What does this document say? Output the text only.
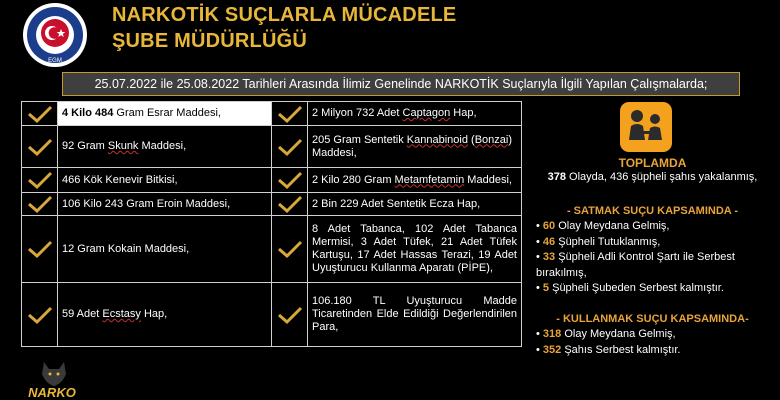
EGM
NARKOTİK SUÇLARLA MÜCADELE
ŞUBE MÜDÜRLÜĞÜ
25.07.2022 ile 25.08.2022 Tarihleri Arasında İlimiz Genelinde NARKOTİK Suçlarıyla İlgili Yapılan Çalışmalarda;
	4 Kilo 484 Gram Esrar Maddesi,		2 Milyon 732 Adet Captagon Hap,

	92 Gram Skunk Maddesi,		205 Gram Sentetik Kannabinoid (Bonzai) Maddesi,

	466 Kök Kenevir Bitkisi,		2 Kilo 280 Gram Metamfetamin Maddesi,

	106 Kilo 243 Gram Eroin Maddesi,		2 Bin 229 Adet Sentetik Ecza Hap,

	12 Gram Kokain Maddesi,		8 Adet Tabanca, 102 Adet Tabanca Mermisi, 3 Adet Tüfek, 21 Adet Tüfek Kartuşu, 17 Adet Hassas Terazi, 19 Adet Uyuşturucu Kullanma Aparatı (PİPE),

	59 Adet Ecstasy Hap,		106.180 TL Uyuşturucu Madde Ticaretinden Elde Edildiği Değerlendirilen Para,
TOPLAMDA
378 Olayda, 436 şüpheli şahıs yakalanmış,
- SATMAK SUÇU KAPSAMINDA -
• 60 Olay Meydana Gelmiş,
• 46 Şüpheli Tutuklanmış,
• 33 Şüpheli Adli Kontrol Şartı ile Serbest bırakılmış,
• 5 Şüpheli Şubeden Serbest kalmıştır.
- KULLANMAK SUÇU KAPSAMINDA-
• 318 Olay Meydana Gelmiş,
• 352 Şahıs Serbest kalmıştır.
NARKO
